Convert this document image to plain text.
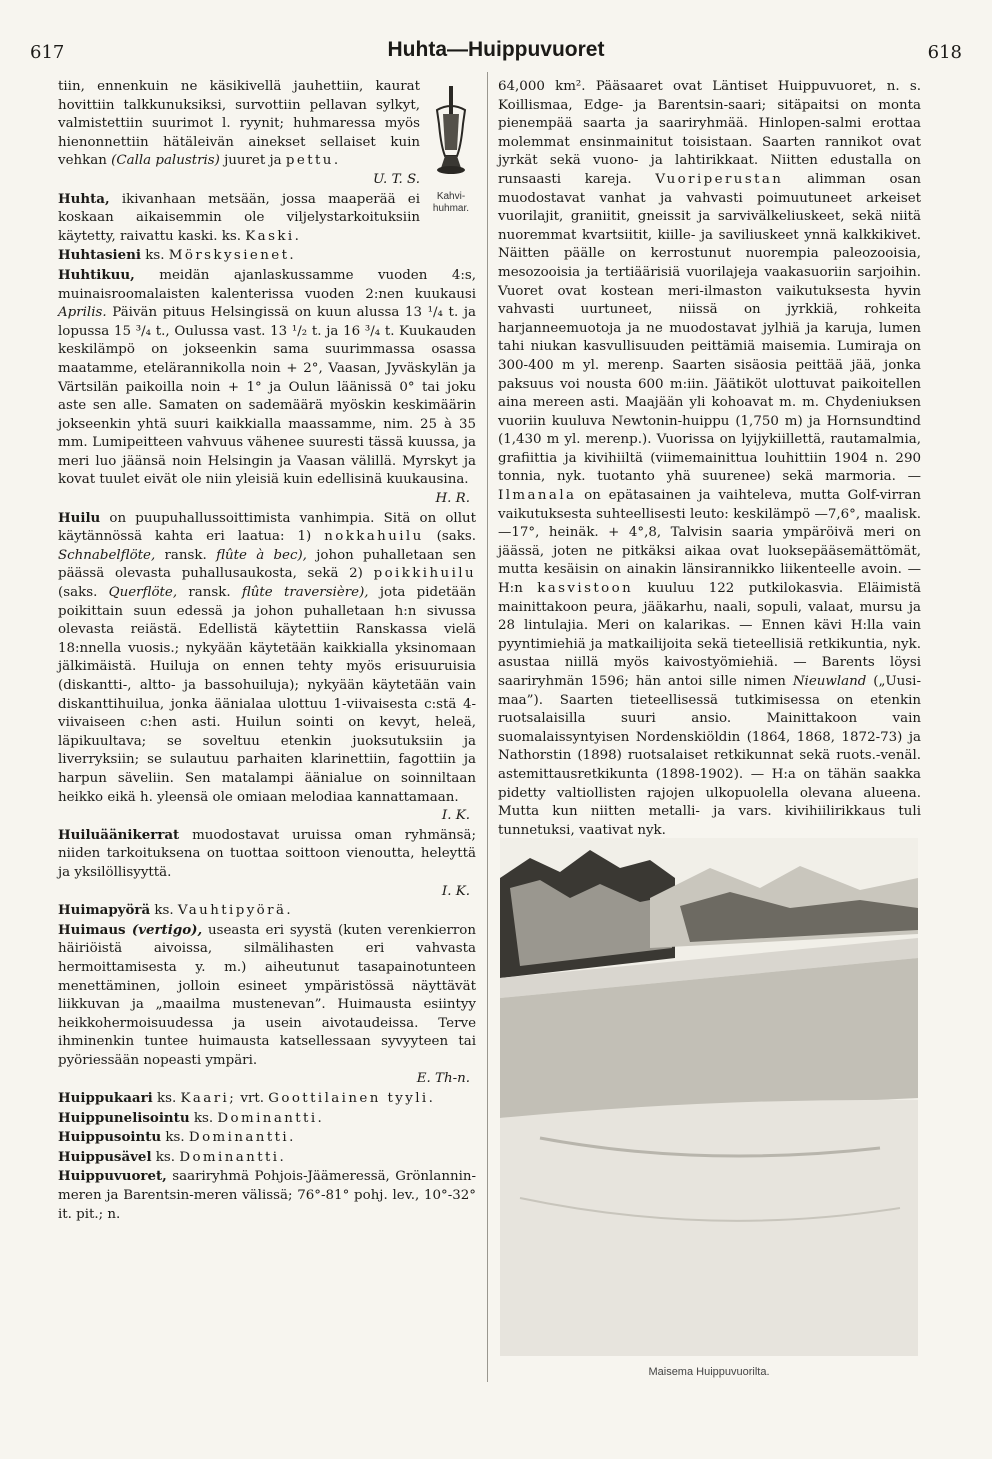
617	Huhta—Huippuvuoret	618
Kahvi-
huhmar.

tiin, ennenkuin ne käsikivellä jauhettiin, kaurat hovittiin talkkunuksiksi, survottiin pellavan sylkyt, valmistettiin suurimot l. ryynit; huhmaressa myös hienonnettiin hätäleivän ainekset sellaiset kuin vehkan (Calla palustris) juuret ja pettu.

U. T. S.

Huhta, ikivanhaan metsään, jossa maaperää ei koskaan aikaisemmin ole viljelystarkoituksiin käytetty, raivattu kaski. ks. Kaski.

Huhtasieni ks. Mörskysienet.

Huhtikuu, meidän ajanlaskussamme vuoden 4:s, muinaisroomalaisten kalenterissa vuoden 2:nen kuukausi Aprilis. Päivän pituus Helsingissä on kuun alussa 13 ¹/₄ t. ja lopussa 15 ³/₄ t., Oulussa vast. 13 ¹/₂ t. ja 16 ³/₄ t. Kuukauden keskilämpö on jokseenkin sama suurimmassa osassa maatamme, etelärannikolla noin + 2°, Vaasan, Jyväskylän ja Värtsilän paikoilla noin + 1° ja Oulun läänissä 0° tai joku aste sen alle. Samaten on sademäärä myöskin keskimäärin jokseenkin yhtä suuri kaikkialla maassamme, nim. 25 à 35 mm. Lumipeitteen vahvuus vähenee suuresti tässä kuussa, ja meri luo jäänsä noin Helsingin ja Vaasan välillä. Myrskyt ja kovat tuulet eivät ole niin yleisiä kuin edellisinä kuukausina.

H. R.

Huilu on puupuhallussoittimista vanhimpia. Sitä on ollut käytännössä kahta eri laatua: 1) nokkahuilu (saks. Schnabelflöte, ransk. flûte à bec), johon puhalletaan sen päässä olevasta puhallusaukosta, sekä 2) poikkihuilu (saks. Querflöte, ransk. flûte traversière), jota pidetään poikittain suun edessä ja johon puhalletaan h:n sivussa olevasta reiästä. Edellistä käytettiin Ranskassa vielä 18:nnella vuosis.; nykyään käytetään kaikkialla yksinomaan jälkimäistä. Huiluja on ennen tehty myös erisuuruisia (diskantti-, altto- ja bassohuiluja); nykyään käytetään vain diskanttihuilua, jonka äänialaa ulottuu 1-viivaisesta c:stä 4-viivaiseen c:hen asti. Huilun sointi on kevyt, heleä, läpikuultava; se soveltuu etenkin juoksutuksiin ja liverryksiin; se sulautuu parhaiten klarinettiin, fagottiin ja harpun säveliin. Sen matalampi äänialue on soinniltaan heikko eikä h. yleensä ole omiaan melodiaa kannattamaan.

I. K.

Huiluäänikerrat muodostavat uruissa oman ryhmänsä; niiden tarkoituksena on tuottaa soittoon vienoutta, heleyttä ja yksilöllisyyttä.

I. K.

Huimapyörä ks. Vauhtipyörä.

Huimaus (vertigo), useasta eri syystä (kuten verenkierron häiriöistä aivoissa, silmälihasten eri vahvasta hermoittamisesta y. m.) aiheutunut tasapainotunteen menettäminen, jolloin esineet ympäristössä näyttävät liikkuvan ja „maailma mustenevan”. Huimausta esiintyy heikkohermoisuudessa ja usein aivotaudeissa. Terve ihminenkin tuntee huimausta katsellessaan syvyyteen tai pyöriessään nopeasti ympäri.

E. Th-n.

Huippukaari ks. Kaari; vrt. Goottilainen tyyli.

Huippunelisointu ks. Dominantti.

Huippusointu ks. Dominantti.

Huippusävel ks. Dominantti.

Huippuvuoret, saariryhmä Pohjois-Jäämeressä, Grönlannin-meren ja Barentsin-meren välissä; 76°-81° pohj. lev., 10°-32° it. pit.; n.

64,000 km². Pääsaaret ovat Läntiset Huippuvuoret, n. s. Koillismaa, Edge- ja Barentsin-saari; sitäpaitsi on monta pienempää saarta ja saariryhmää. Hinlopen-salmi erottaa molemmat ensinmainitut toisistaan. Saarten rannikot ovat jyrkät sekä vuono- ja lahtirikkaat. Niitten edustalla on runsaasti kareja. Vuoriperustan alimman osan muodostavat vanhat ja vahvasti poimuutuneet arkeiset vuorilajit, graniitit, gneissit ja sarvivälkeliuskeet, sekä niitä nuoremmat kvartsiitit, kiille- ja saviliuskeet ynnä kalkkikivet. Näitten päälle on kerrostunut nuorempia paleozooisia, mesozooisia ja tertiäärisiä vuorilajeja vaakasuoriin sarjoihin. Vuoret ovat kostean meri-ilmaston vaikutuksesta hyvin vahvasti uurtuneet, niissä on jyrkkiä, rohkeita harjanneemuotoja ja ne muodostavat jylhiä ja karuja, lumen tahi niukan kasvullisuuden peittämiä maisemia. Lumiraja on 300-400 m yl. merenp. Saarten sisäosia peittää jää, jonka paksuus voi nousta 600 m:iin. Jäätiköt ulottuvat paikoitellen aina mereen asti. Maajään yli kohoavat m. m. Chydeniuksen vuoriin kuuluva Newtonin-huippu (1,750 m) ja Hornsundtind (1,430 m yl. merenp.). Vuorissa on lyijykiillettä, rautamalmia, grafiittia ja kivihiiltä (viimemainittua louhittiin 1904 n. 290 tonnia, nyk. tuotanto yhä suurenee) sekä marmoria. — Ilmanala on epätasainen ja vaihteleva, mutta Golf-virran vaikutuksesta suhteellisesti leuto: keskilämpö —7,6°, maalisk. —17°, heinäk. + 4°,8, Talvisin saaria ympäröivä meri on jäässä, joten ne pitkäksi aikaa ovat luoksepääsemättömät, mutta kesäisin on ainakin länsirannikko liikenteelle avoin. — H:n kasvistoon kuuluu 122 putkilokasvia. Eläimistä mainittakoon peura, jääkarhu, naali, sopuli, valaat, mursu ja 28 lintulajia. Meri on kalarikas. — Ennen kävi H:lla vain pyyntimiehiä ja matkailijoita sekä tieteellisiä retkikuntia, nyk. asustaa niillä myös kaivostyömiehiä. — Barents löysi saariryhmän 1596; hän antoi sille nimen Nieuwland („Uusi-maa”). Saarten tieteellisessä tutkimisessa on etenkin ruotsalaisilla suuri ansio. Mainittakoon vain suomalaissyntyisen Nordenskiöldin (1864, 1868, 1872-73) ja Nathorstin (1898) ruotsalaiset retkikunnat sekä ruots.-venäl. astemittausretkikunta (1898-1902). — H:a on tähän saakka pidetty valtiollisten rajojen ulkopuolella olevana alueena. Mutta kun niitten metalli- ja vars. kivihiilirikkaus tuli tunnetuksi, vaativat nyk.

Maisema Huippuvuorilta.
